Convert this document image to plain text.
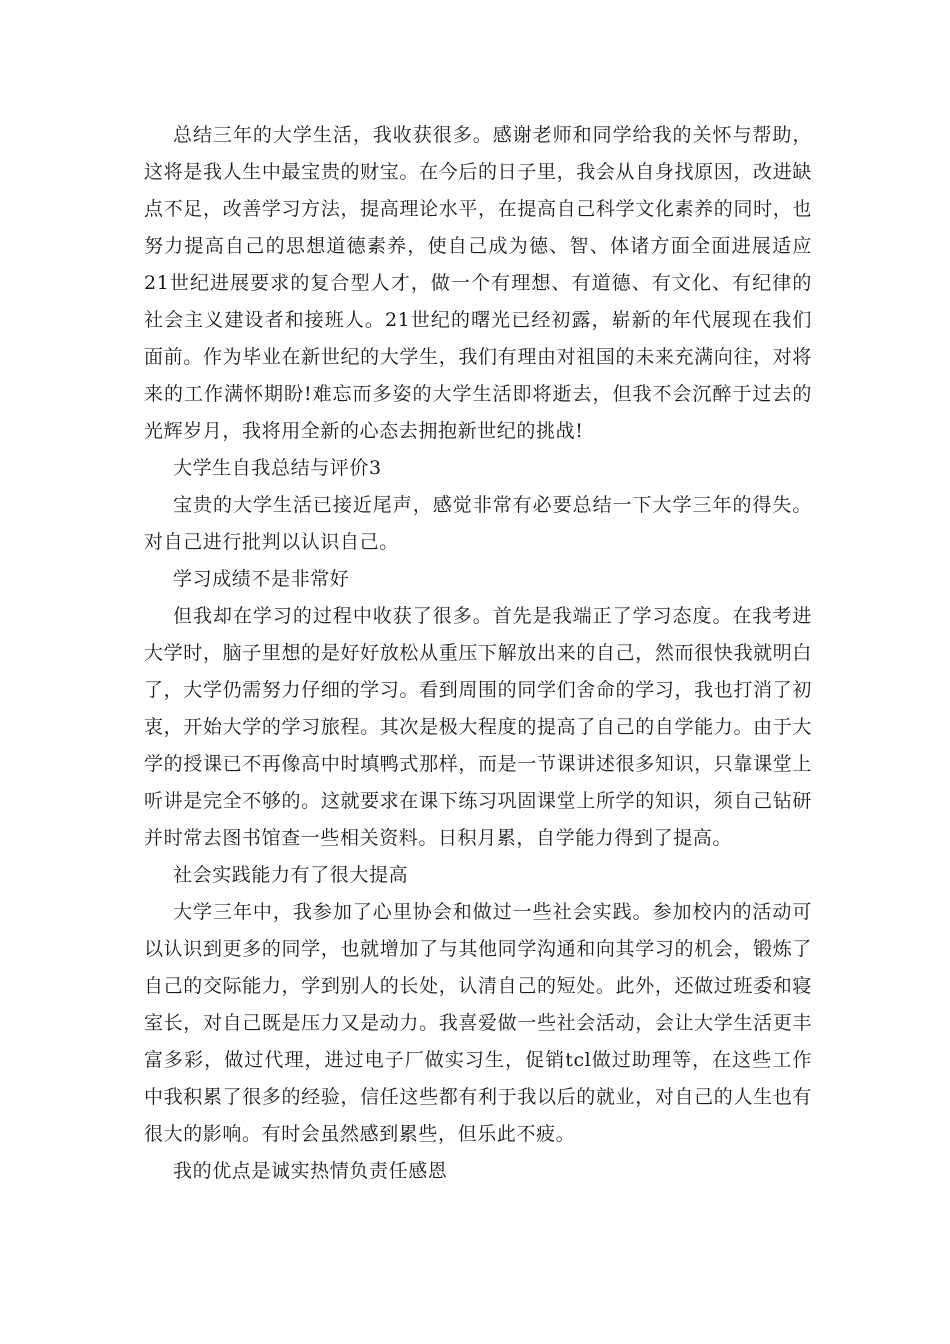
总结三年的大学生活，我收获很多。感谢老师和同学给我的关怀与帮助，这将是我人生中最宝贵的财宝。在今后的日子里，我会从自身找原因，改进缺点不足，改善学习方法，提高理论水平，在提高自己科学文化素养的同时，也努力提高自己的思想道德素养，使自己成为德、智、体诸方面全面进展适应21世纪进展要求的复合型人才，做一个有理想、有道德、有文化、有纪律的社会主义建设者和接班人。21世纪的曙光已经初露，崭新的年代展现在我们面前。作为毕业在新世纪的大学生，我们有理由对祖国的未来充满向往，对将来的工作满怀期盼!难忘而多姿的大学生活即将逝去，但我不会沉醉于过去的光辉岁月，我将用全新的心态去拥抱新世纪的挑战!

大学生自我总结与评价3

宝贵的大学生活已接近尾声，感觉非常有必要总结一下大学三年的得失。对自己进行批判以认识自己。

学习成绩不是非常好

但我却在学习的过程中收获了很多。首先是我端正了学习态度。在我考进大学时，脑子里想的是好好放松从重压下解放出来的自己，然而很快我就明白了，大学仍需努力仔细的学习。看到周围的同学们舍命的学习，我也打消了初衷，开始大学的学习旅程。其次是极大程度的提高了自己的自学能力。由于大学的授课已不再像高中时填鸭式那样，而是一节课讲述很多知识，只靠课堂上听讲是完全不够的。这就要求在课下练习巩固课堂上所学的知识，须自己钻研并时常去图书馆查一些相关资料。日积月累，自学能力得到了提高。

社会实践能力有了很大提高

大学三年中，我参加了心里协会和做过一些社会实践。参加校内的活动可以认识到更多的同学，也就增加了与其他同学沟通和向其学习的机会，锻炼了自己的交际能力，学到别人的长处，认清自己的短处。此外，还做过班委和寝室长，对自己既是压力又是动力。我喜爱做一些社会活动，会让大学生活更丰富多彩，做过代理，进过电子厂做实习生，促销tcl做过助理等，在这些工作中我积累了很多的经验，信任这些都有利于我以后的就业，对自己的人生也有很大的影响。有时会虽然感到累些，但乐此不疲。

我的优点是诚实热情负责任感恩
